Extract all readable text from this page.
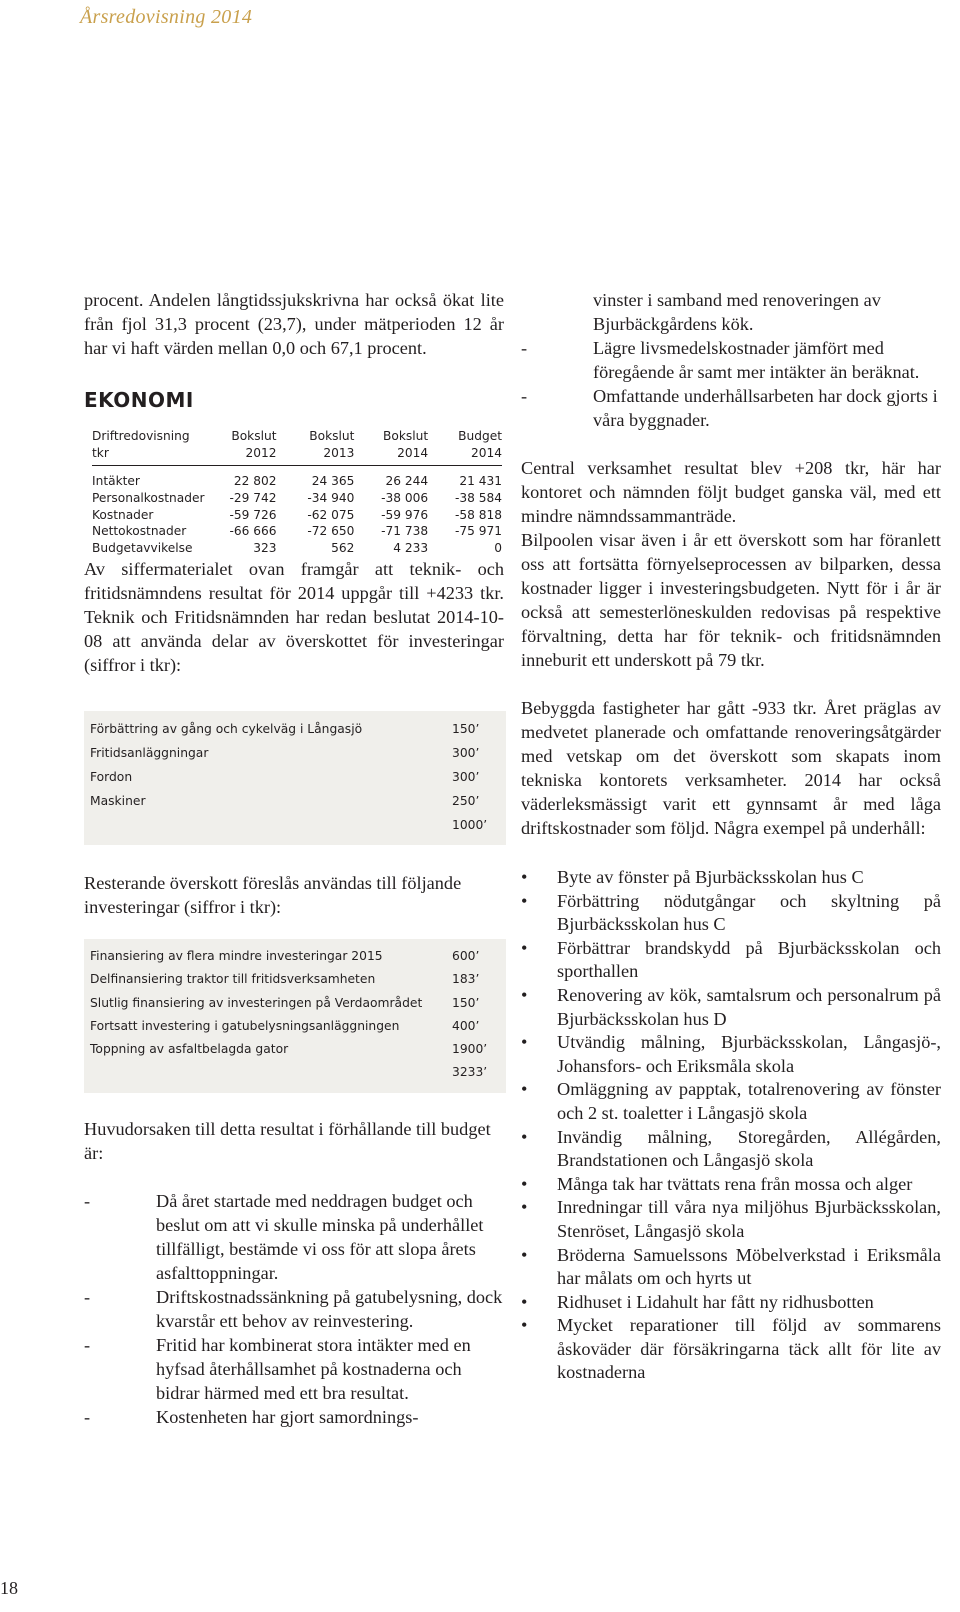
Årsredovisning 2014

procent. Andelen långtidssjukskrivna har också ökat lite från fjol 31,3 procent (23,7), under mätperioden 12 år har vi haft värden mellan 0,0 och 67,1 procent.

EKONOMI
Driftredovisning	Bokslut	Bokslut	Bokslut	Budget
tkr	2012	2013	2014	2014
Intäkter	22 802	24 365	26 244	21 431
Personalkostnader	-29 742	-34 940	-38 006	-38 584
Kostnader	-59 726	-62 075	-59 976	-58 818
Nettokostnader	-66 666	-72 650	-71 738	-75 971
Budgetavvikelse	323	562	4 233	0

Av siffermaterialet ovan framgår att teknik- och fritidsnämndens resultat för 2014 uppgår till +4233 tkr. Teknik och Fritidsnämnden har redan beslutat 2014-10-08 att använda delar av överskottet för investeringar (siffror i tkr):

Förbättring av gång och cykelväg i Långasjö	150’
Fritidsanläggningar	300’
Fordon	300’
Maskiner	250’
1000’

Resterande överskott föreslås användas till följande investeringar (siffror i tkr):

Finansiering av flera mindre investeringar 2015	600’
Delfinansiering traktor till fritidsverksamheten	183’
Slutlig finansiering av investeringen på Verdaområdet 150’
Fortsatt investering i gatubelysningsanläggningen	400’
Toppning av asfaltbelagda gator	1900’
3233’

Huvudorsaken till detta resultat i förhållande till budget är:

-	Då året startade med neddragen budget och beslut om att vi skulle minska på underhållet tillfälligt, bestämde vi oss för att slopa årets asfalttoppningar.
-	Driftskostnadssänkning på gatubelysning, dock kvarstår ett behov av reinvestering.
-	Fritid har kombinerat stora intäkter med en hyfsad återhållsamhet på kostnaderna och bidrar härmed med ett bra resultat.
-	Kostenheten har gjort samordnings-

vinster i samband med renoveringen av Bjurbäckgårdens kök.

-	Lägre livsmedelskostnader jämfört med föregående år samt mer intäkter än beräknat.
-	Omfattande underhållsarbeten har dock gjorts i våra byggnader.

Central verksamhet resultat blev +208 tkr, här har kontoret och nämnden följt budget ganska väl, med ett mindre nämndssammanträde.

Bilpoolen visar även i år ett överskott som har föranlett oss att fortsätta förnyelseprocessen av bilparken, dessa kostnader ligger i investeringsbudgeten. Nytt för i år är också att semesterlöneskulden redovisas på respektive förvaltning, detta har för teknik- och fritidsnämnden inneburit ett underskott på 79 tkr.

Bebyggda fastigheter har gått -933 tkr. Året präglas av medvetet planerade och omfattande renoveringsåtgärder med vetskap om det överskott som skapats inom tekniska kontorets verksamheter. 2014 har också väderleksmässigt varit ett gynnsamt år med låga driftskostnader som följd. Några exempel på underhåll:

• Byte av fönster på Bjurbäcksskolan hus C
• Förbättring nödutgångar och skyltning på Bjurbäcksskolan hus C
• Förbättrar brandskydd på Bjurbäcksskolan och sporthallen
• Renovering av kök, samtalsrum och personalrum på Bjurbäcksskolan hus D
• Utvändig målning, Bjurbäcksskolan, Långasjö-, Johansfors- och Eriksmåla skola
• Omläggning av papptak, totalrenovering av fönster och 2 st. toaletter i Långasjö skola
• Invändig målning, Storegården, Allégården, Brandstationen och Långasjö skola
• Många tak har tvättats rena från mossa och alger
• Inredningar till våra nya miljöhus Bjurbäcksskolan, Stenröset, Långasjö skola
• Bröderna Samuelssons Möbelverkstad i Eriksmåla har målats om och hyrts ut
• Ridhuset i Lidahult har fått ny ridhusbotten
• Mycket reparationer till följd av sommarens åskoväder där försäkringarna täck allt för lite av kostnaderna
18
